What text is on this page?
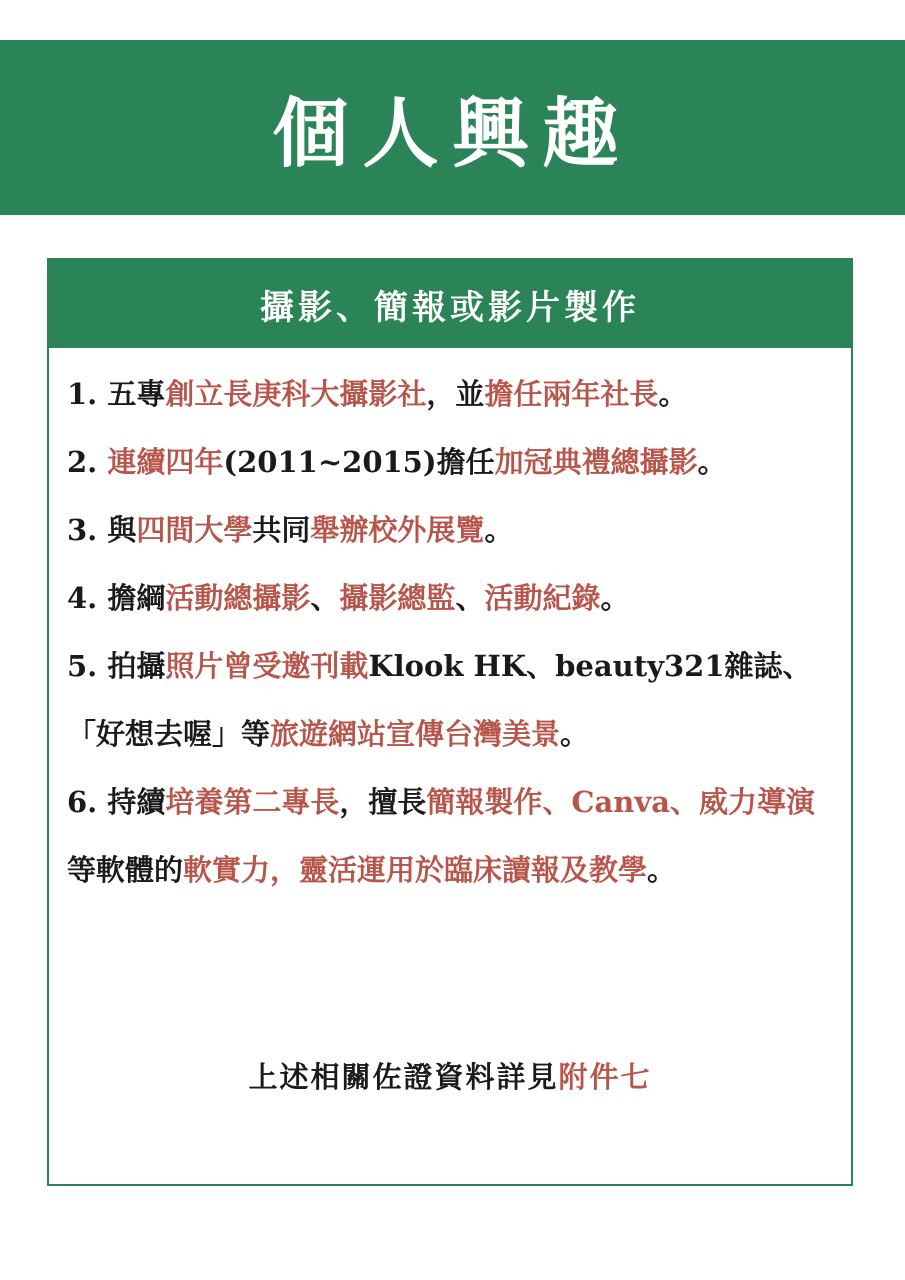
個人興趣
攝影、簡報或影片製作
1. 五專創立長庚科大攝影社，並擔任兩年社長。
2. 連續四年(2011~2015)擔任加冠典禮總攝影。
3. 與四間大學共同舉辦校外展覽。
4. 擔綱活動總攝影、攝影總監、活動紀錄。
5. 拍攝照片曾受邀刊載Klook HK、beauty321雜誌、「好想去喔」等旅遊網站宣傳台灣美景。
6. 持續培養第二專長，擅長簡報製作、Canva、威力導演等軟體的軟實力，靈活運用於臨床讀報及教學。
上述相關佐證資料詳見附件七
